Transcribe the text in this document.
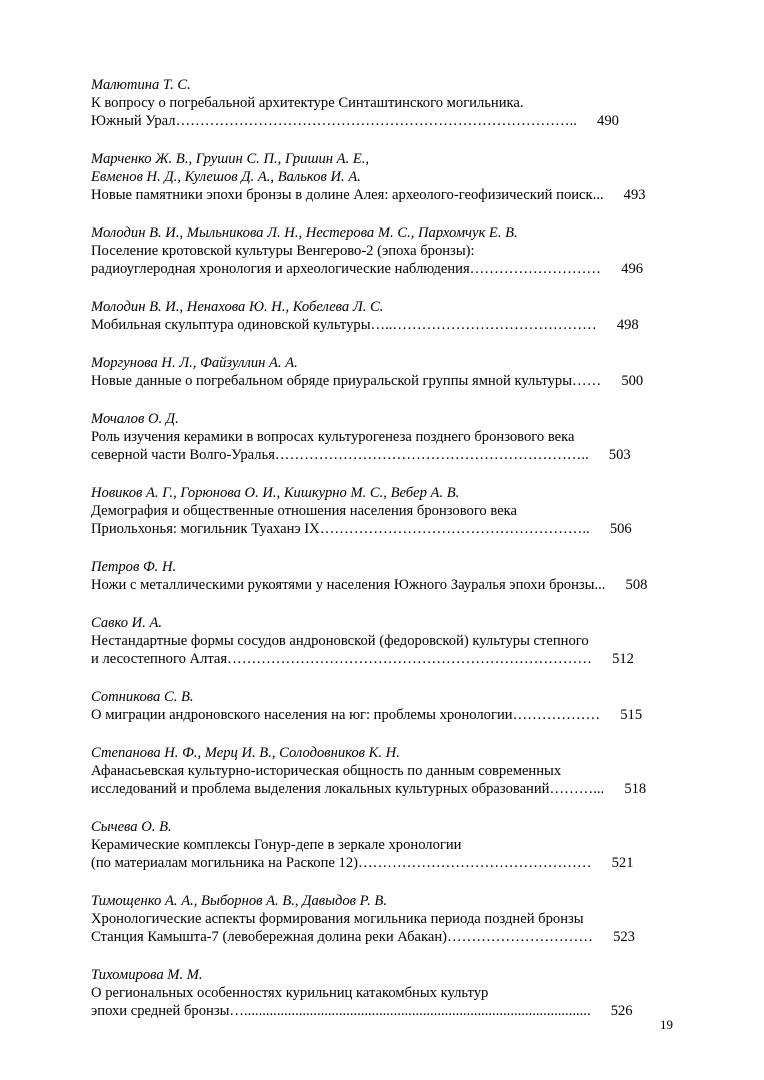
Малютина Т. С.
К вопросу о погребальной архитектуре Синташтинского могильника.
Южный Урал………………………………………………………………………..	490
Марченко Ж. В., Грушин С. П., Гришин А. Е.,
Евменов Н. Д., Кулешов Д. А., Вальков И. А.
Новые памятники эпохи бронзы в долине Алея: археолого-геофизический поиск...	493
Молодин В. И., Мыльникова Л. Н., Нестерова М. С., Пархомчук Е. В.
Поселение кротовской культуры Венгерово-2 (эпоха бронзы):
радиоуглеродная хронология и археологические наблюдения………………………	496
Молодин В. И., Ненахова Ю. Н., Кобелева Л. С.
Мобильная скульптура одиновской культуры…..……………………………………	498
Моргунова Н. Л., Файзуллин А. А.
Новые данные о погребальном обряде приуральской группы ямной культуры……	500
Мочалов О. Д.
Роль изучения керамики в вопросах культурогенеза позднего бронзового века
северной части Волго-Уралья………………………………………………………..	503
Новиков А. Г., Горюнова О. И., Кишкурно М. С., Вебер А. В.
Демография и общественные отношения населения бронзового века
Приольхонья: могильник Туаханэ IX………………………………………………..	506
Петров Ф. Н.
Ножи с металлическими рукоятями у населения Южного Зауралья эпохи бронзы...	508
Савко И. А.
Нестандартные формы сосудов андроновской (федоровской) культуры степного
и лесостепного Алтая…………………………………………………………………	512
Сотникова С. В.
О миграции андроновского населения на юг: проблемы хронологии………………	515
Степанова Н. Ф., Мерц И. В., Солодовников К. Н.
Афанасьевская культурно-историческая общность по данным современных
исследований и проблема выделения локальных культурных образований………...	518
Сычева О. В.
Керамические комплексы Гонур-депе в зеркале хронологии
(по материалам могильника на Раскопе 12)…………………………………………	521
Тимощенко А. А., Выборнов А. В., Давыдов Р. В.
Хронологические аспекты формирования могильника периода поздней бронзы
Станция Камышта-7 (левобережная долина реки Абакан)…………………………	523
Тихомирова М. М.
О региональных особенностях курильниц катакомбных культур
эпохи средней бронзы…...............................................................................................	526
19
